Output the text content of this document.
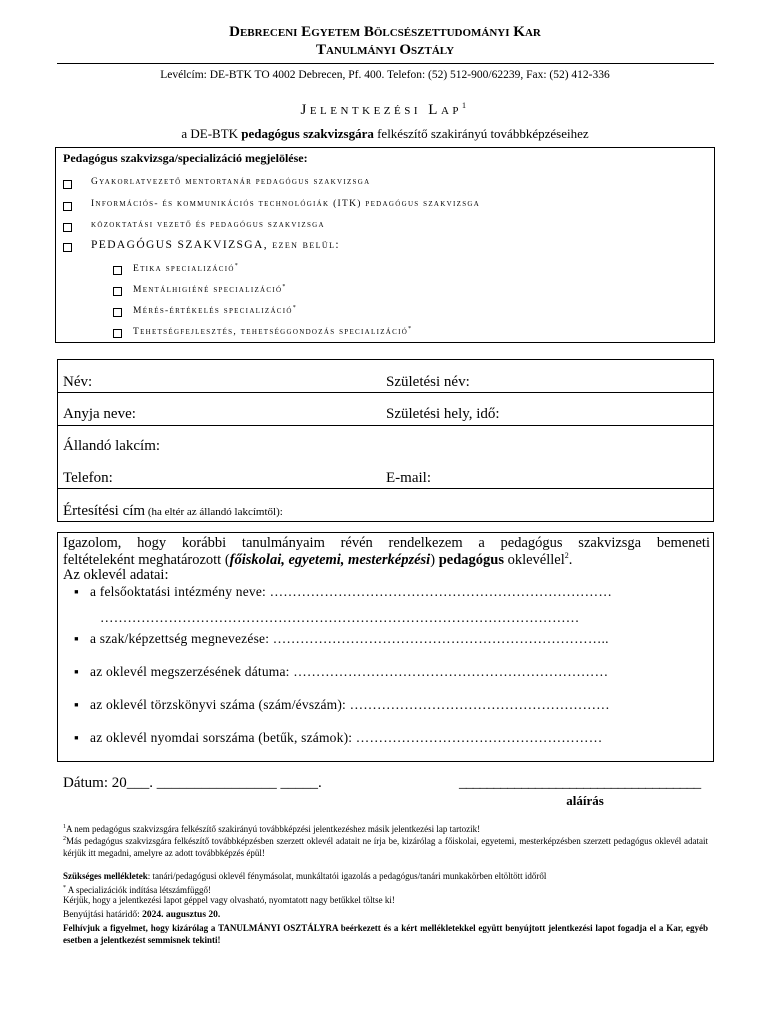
Debreceni Egyetem Bölcsészettudományi Kar
Tanulmányi Osztály
Levélcím: DE-BTK TO 4002 Debrecen, Pf. 400. Telefon: (52) 512-900/62239, Fax: (52) 412-336
Jelentkezési Lap$^1$
a DE-BTK pedagógus szakvizsgára felkészítő szakirányú továbbképzéseihez
Pedagógus szakvizsga/specializáció megjelölése:
Gyakorlatvezető mentortanár pedagógus szakvizsga
Információs- és kommunikációs technológiák (ITK) pedagógus szakvizsga
közoktatási vezető és pedagógus szakvizsga
PEDAGÓGUS SZAKVIZSGA, ezen belül:
Etika specializáció*
Mentálhigiéné specializáció*
Mérés-értékelés specializáció*
Tehetségfejlesztés, tehetséggondozás specializáció*
Név:	Születési név:
Anyja neve:	Születési hely, idő:
Állandó lakcím:
Telefon:	E-mail:
Értesítési cím (ha eltér az állandó lakcímtől):
Igazolom, hogy korábbi tanulmányaim révén rendelkezem a pedagógus szakvizsga bemeneti
feltételeként meghatározott (főiskolai, egyetemi, mesterképzési) pedagógus oklevéllel$^2$.
Az oklevél adatai:
a felsőoktatási intézmény neve: …………………………………………………………………
……………………………………………………………………………………………
a szak/képzettség megnevezése: ………………………………………………………………..
az oklevél megszerzésének dátuma: ……………………………………………………………
az oklevél törzskönyvi száma (szám/évszám): …………………………………………………
az oklevél nyomdai sorszáma (betűk, számok): ………………………………………………
Dátum: 20___. ________________ _____.	___________________________________
aláírás
$^1$A nem pedagógus szakvizsgára felkészítő szakirányú továbbképzési jelentkezéshez másik jelentkezési lap tartozik!
$^2$Más pedagógus szakvizsgára felkészítő továbbképzésben szerzett oklevél adatait ne írja be, kizárólag a főiskolai, egyetemi, mesterképzésben szerzett pedagógus oklevél adatait kérjük itt megadni, amelyre az adott továbbképzés épül!
Szükséges mellékletek: tanári/pedagógusi oklevél fénymásolat, munkáltatói igazolás a pedagógus/tanári munkakörben eltöltött időről
* A specializációk indítása létszámfüggő!
Kérjük, hogy a jelentkezési lapot géppel vagy olvasható, nyomtatott nagy betűkkel töltse ki!
Benyújtási határidő: 2024. augusztus 20.
Felhívjuk a figyelmet, hogy kizárólag a TANULMÁNYI OSZTÁLYRA beérkezett és a kért mellékletekkel együtt benyújtott jelentkezési lapot fogadja el a Kar, egyéb esetben a jelentkezést semmisnek tekinti!
